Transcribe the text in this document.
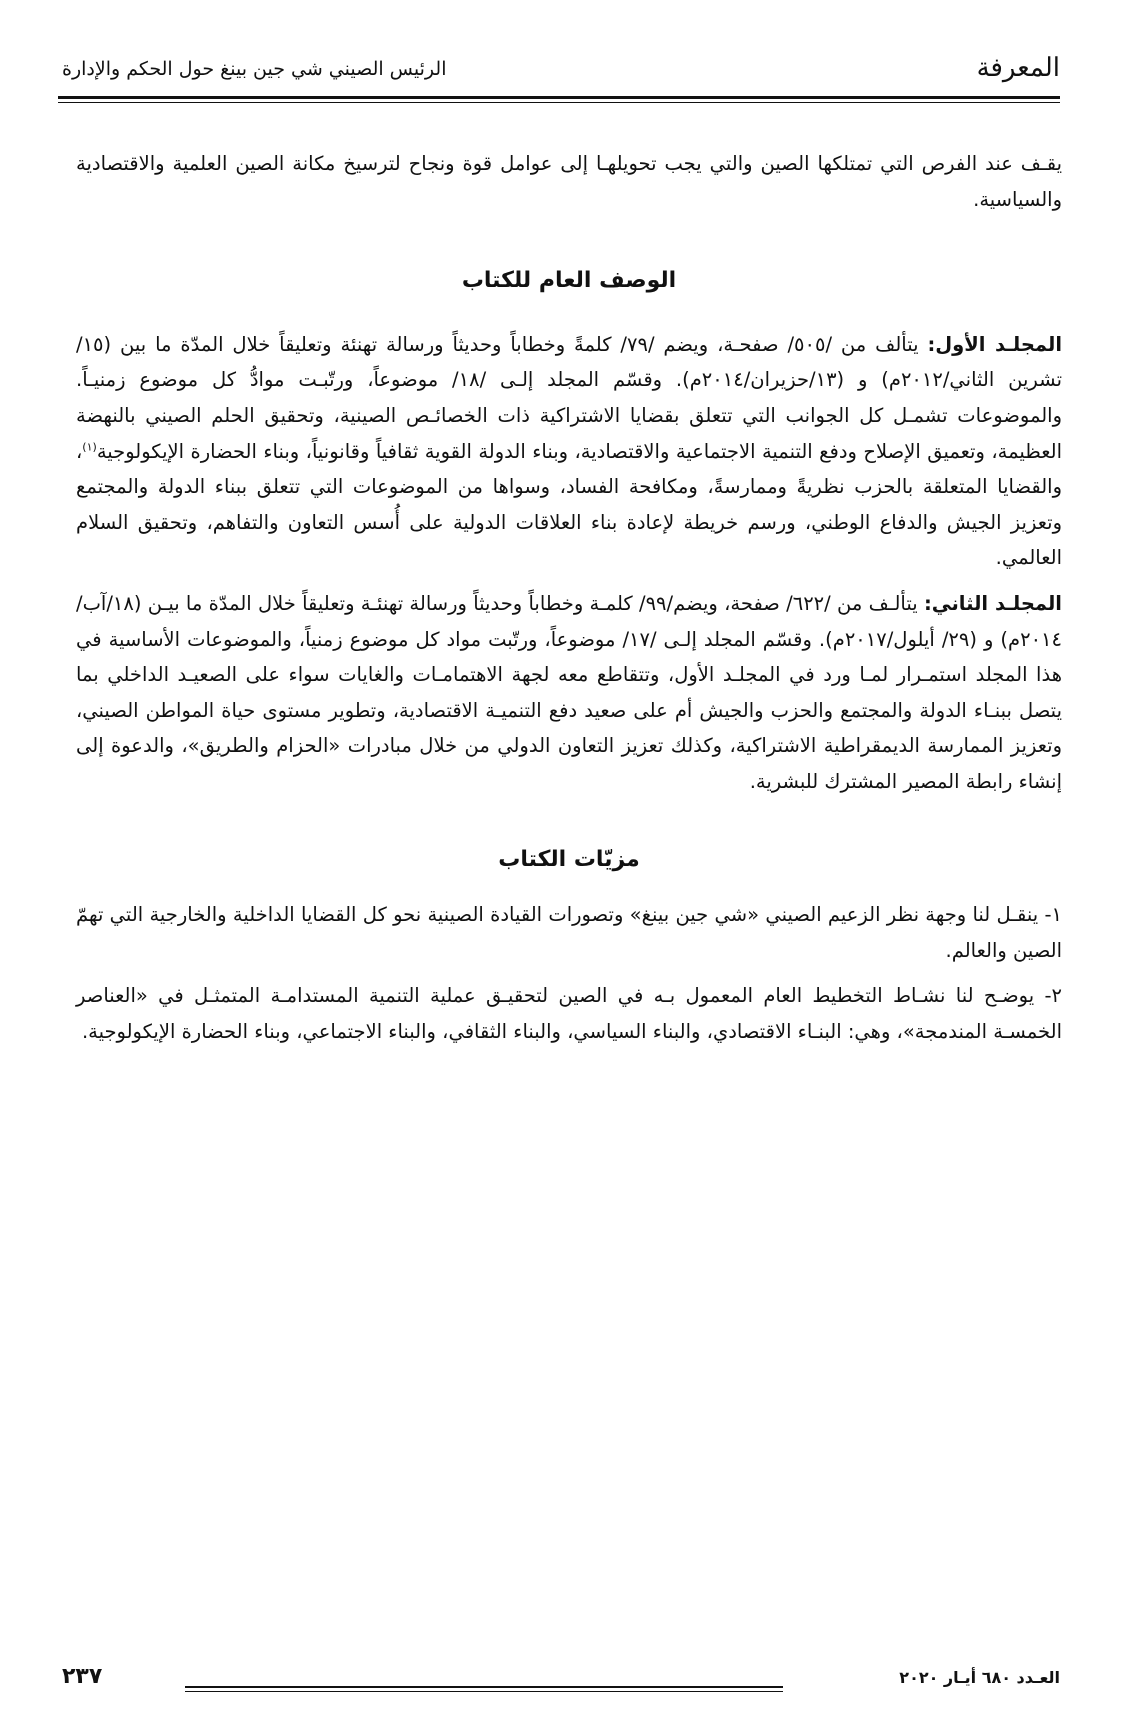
المعرفة
الرئيس الصيني شي جين بينغ حول الحكم والإدارة

يقـف عند الفرص التي تمتلكها الصين والتي يجب تحويلهـا إلى عوامل قوة ونجاح لترسيخ مكانة الصين العلمية والاقتصادية والسياسية.

الوصف العام للكتاب

المجلـد الأول: يتألف من /٥٠٥/ صفحـة، ويضم /٧٩/ كلمةً وخطاباً وحديثاً ورسالة تهنئة وتعليقاً خلال المدّة ما بين (١٥/تشرين الثاني/٢٠١٢م) و (١٣/حزيران/٢٠١٤م). وقسّم المجلد إلـى /١٨/ موضوعاً، ورتّبـت موادُّ كل موضوع زمنيـاً. والموضوعات تشمـل كل الجوانب التي تتعلق بقضايا الاشتراكية ذات الخصائـص الصينية، وتحقيق الحلم الصيني بالنهضة العظيمة، وتعميق الإصلاح ودفع التنمية الاجتماعية والاقتصادية، وبناء الدولة القوية ثقافياً وقانونياً، وبناء الحضارة الإيكولوجية$^{(١)}$، والقضايا المتعلقة بالحزب نظريةً وممارسةً، ومكافحة الفساد، وسواها من الموضوعات التي تتعلق ببناء الدولة والمجتمع وتعزيز الجيش والدفاع الوطني، ورسم خريطة لإعادة بناء العلاقات الدولية على أُسس التعاون والتفاهم، وتحقيق السلام العالمي.

المجلـد الثاني: يتألـف من /٦٢٢/ صفحة، ويضم/٩٩/ كلمـة وخطاباً وحديثاً ورسالة تهنئـة وتعليقاً خلال المدّة ما بيـن (١٨/آب/٢٠١٤م) و (٢٩/ أيلول/٢٠١٧م). وقسّم المجلد إلـى /١٧/ موضوعاً، ورتّبت مواد كل موضوع زمنياً، والموضوعات الأساسية في هذا المجلد استمـرار لمـا ورد في المجلـد الأول، وتتقاطع معه لجهة الاهتمامـات والغايات سواء على الصعيـد الداخلي بما يتصل ببنـاء الدولة والمجتمع والحزب والجيش أم على صعيد دفع التنميـة الاقتصادية، وتطوير مستوى حياة المواطن الصيني، وتعزيز الممارسة الديمقراطية الاشتراكية، وكذلك تعزيز التعاون الدولي من خلال مبادرات «الحزام والطريق»، والدعوة إلى إنشاء رابطة المصير المشترك للبشرية.

مزيّات الكتاب

١- ينقـل لنا وجهة نظر الزعيم الصيني «شي جين بينغ» وتصورات القيادة الصينية نحو كل القضايا الداخلية والخارجية التي تهمّ الصين والعالم.

٢- يوضـح لنا نشـاط التخطيط العام المعمول بـه في الصين لتحقيـق عملية التنمية المستدامـة المتمثـل في «العناصر الخمسـة المندمجة»، وهي: البنـاء الاقتصادي، والبناء السياسي، والبناء الثقافي، والبناء الاجتماعي، وبناء الحضارة الإيكولوجية.

٢٣٧	العـدد ٦٨٠ أيـار ٢٠٢٠
